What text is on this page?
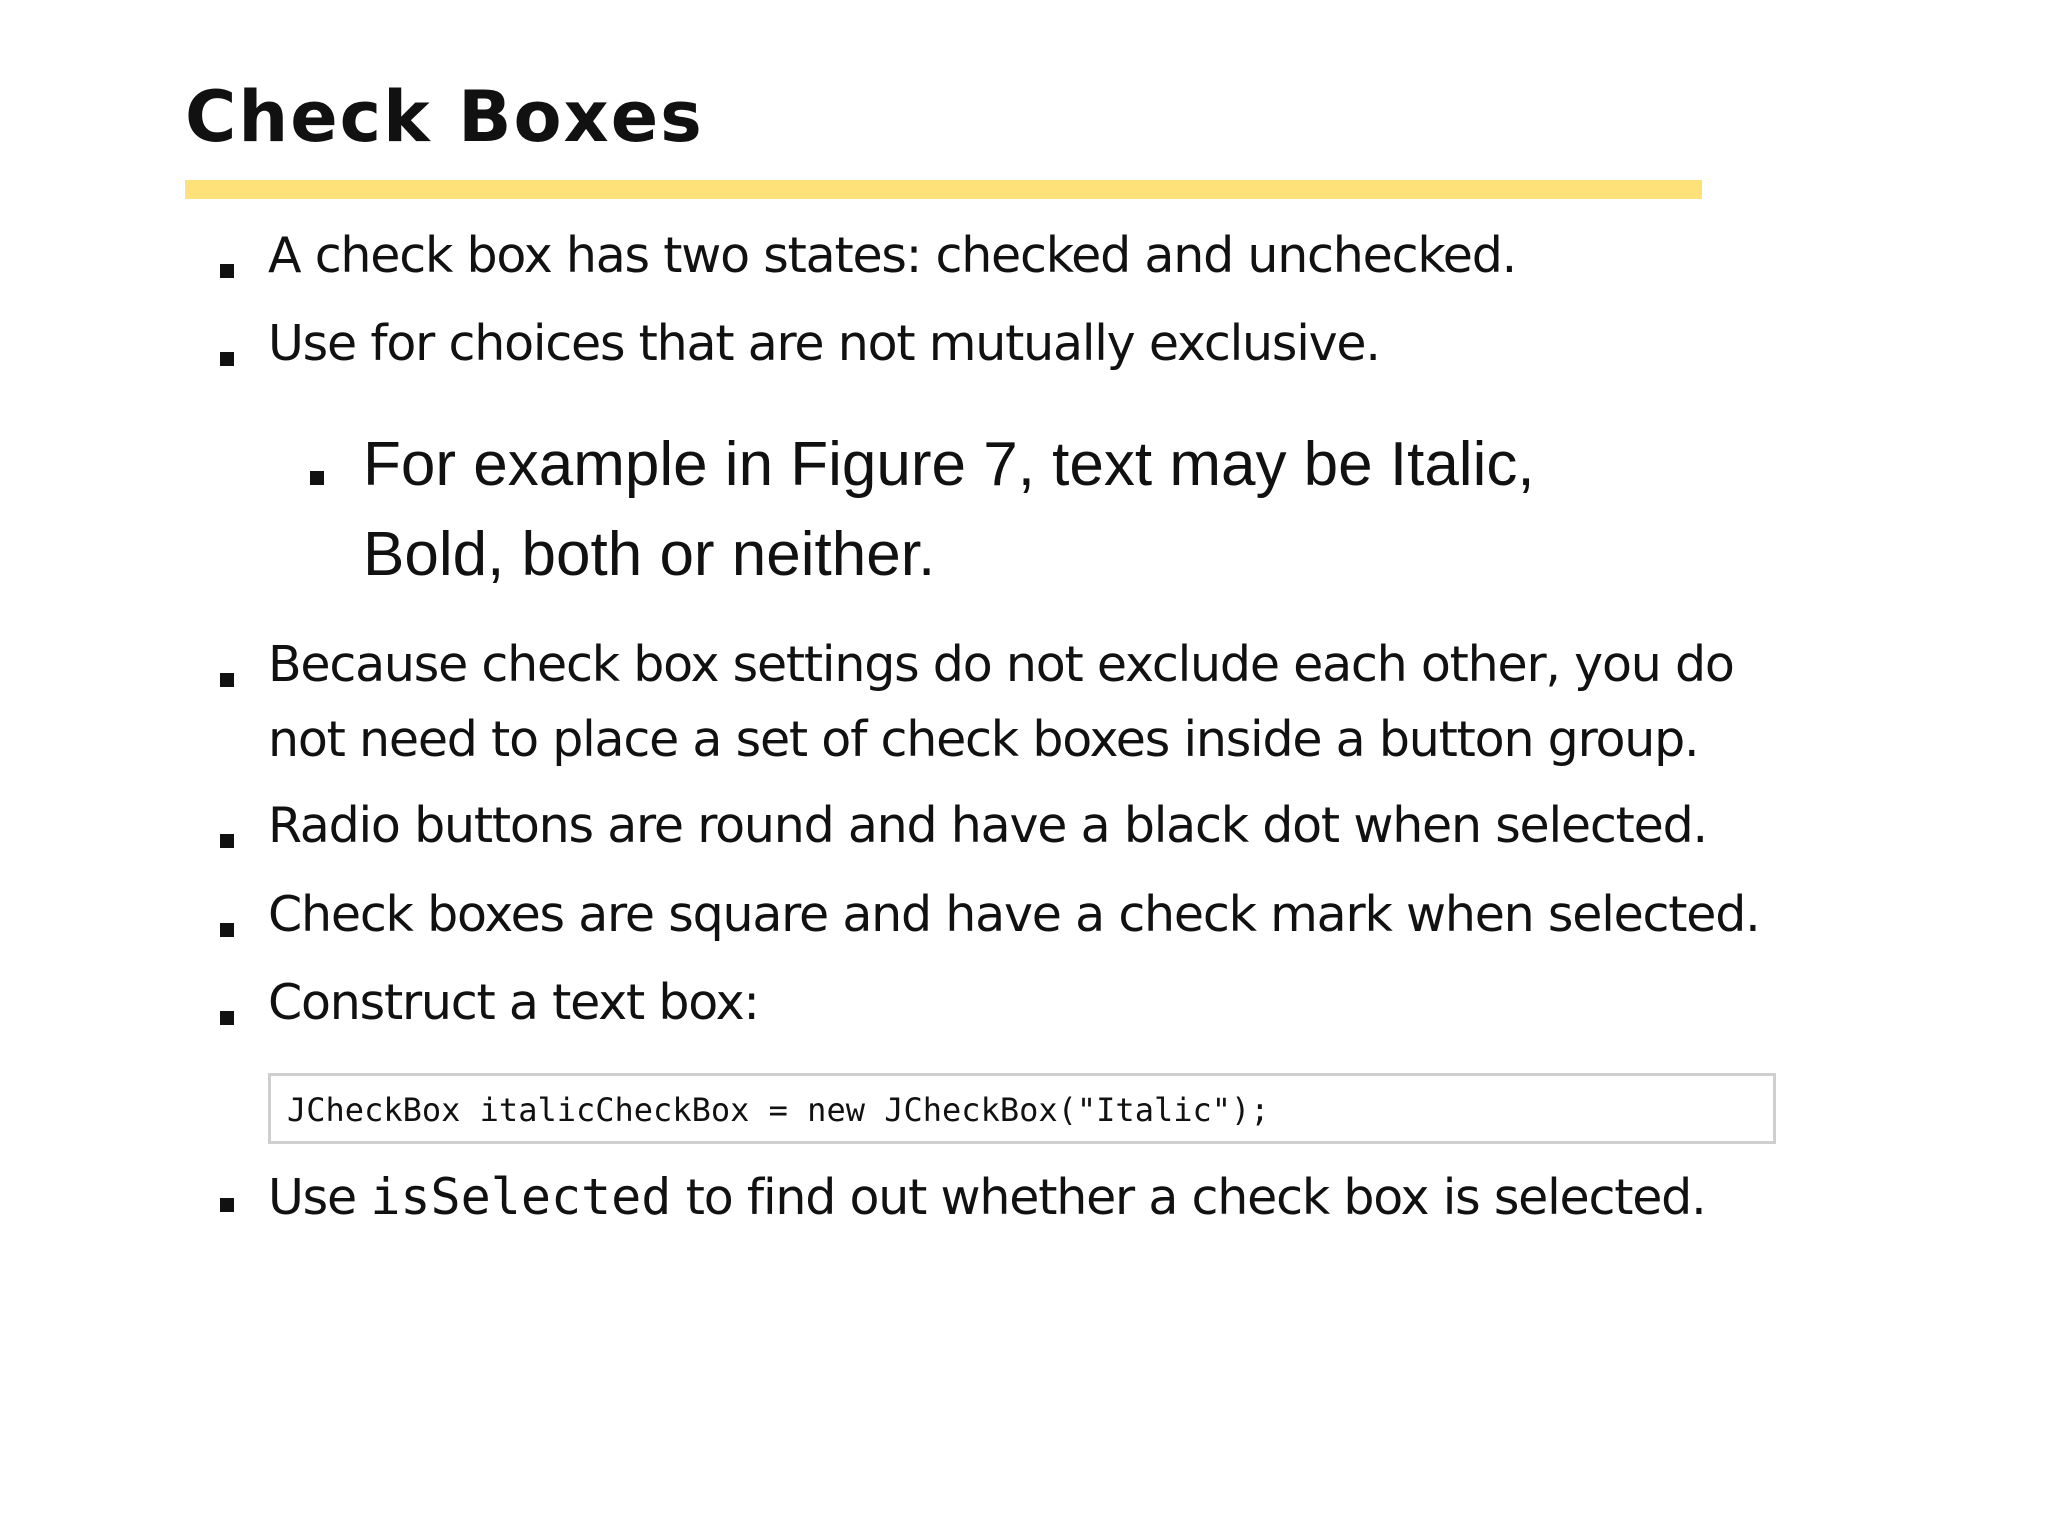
Check Boxes
A check box has two states: checked and unchecked.
Use for choices that are not mutually exclusive.
For example in Figure 7, text may be Italic,
Bold, both or neither.
Because check box settings do not exclude each other, you do
not need to place a set of check boxes inside a button group.
Radio buttons are round and have a black dot when selected.
Check boxes are square and have a check mark when selected.
Construct a text box:
JCheckBox italicCheckBox = new JCheckBox("Italic");
Use isSelected to find out whether a check box is selected.
